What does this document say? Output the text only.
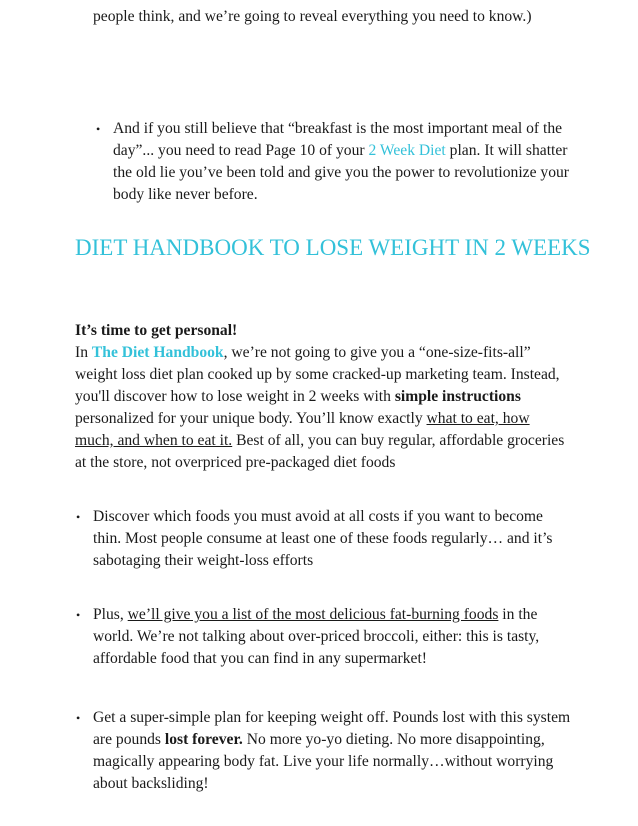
people think, and we’re going to reveal everything you need to know.)
• And if you still believe that “breakfast is the most important meal of the day”... you need to read Page 10 of your 2 Week Diet plan. It will shatter the old lie you’ve been told and give you the power to revolutionize your body like never before.
DIET HANDBOOK TO LOSE WEIGHT IN 2 WEEKS
It’s time to get personal!
In The Diet Handbook, we’re not going to give you a “one-size-fits-all” weight loss diet plan cooked up by some cracked-up marketing team. Instead, you'll discover how to lose weight in 2 weeks with simple instructions personalized for your unique body. You’ll know exactly what to eat, how much, and when to eat it. Best of all, you can buy regular, affordable groceries at the store, not overpriced pre-packaged diet foods
• Discover which foods you must avoid at all costs if you want to become thin. Most people consume at least one of these foods regularly… and it’s sabotaging their weight-loss efforts
• Plus, we’ll give you a list of the most delicious fat-burning foods in the world. We’re not talking about over-priced broccoli, either: this is tasty, affordable food that you can find in any supermarket!
• Get a super-simple plan for keeping weight off. Pounds lost with this system are pounds lost forever. No more yo-yo dieting. No more disappointing, magically appearing body fat. Live your life normally…without worrying about backsliding!
